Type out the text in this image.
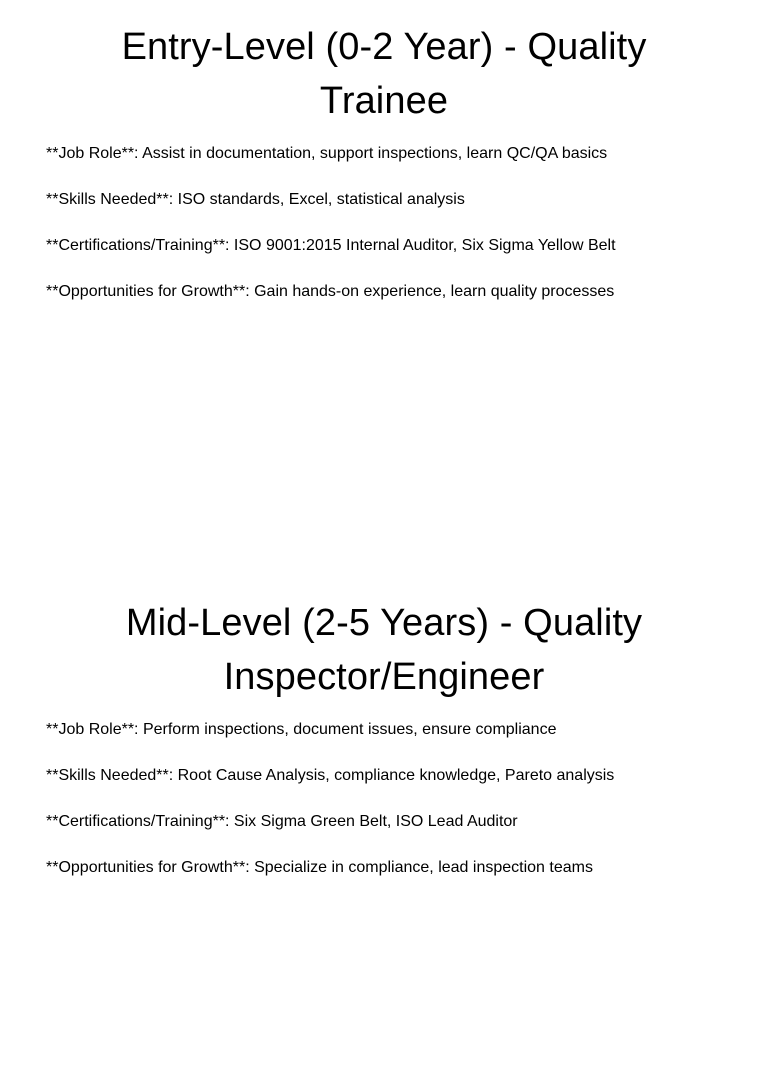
Entry-Level (0-2 Year) - Quality
Trainee
**Job Role**: Assist in documentation, support inspections, learn QC/QA basics
**Skills Needed**: ISO standards, Excel, statistical analysis
**Certifications/Training**: ISO 9001:2015 Internal Auditor, Six Sigma Yellow Belt
**Opportunities for Growth**: Gain hands-on experience, learn quality processes
Mid-Level (2-5 Years) - Quality
Inspector/Engineer
**Job Role**: Perform inspections, document issues, ensure compliance
**Skills Needed**: Root Cause Analysis, compliance knowledge, Pareto analysis
**Certifications/Training**: Six Sigma Green Belt, ISO Lead Auditor
**Opportunities for Growth**: Specialize in compliance, lead inspection teams
